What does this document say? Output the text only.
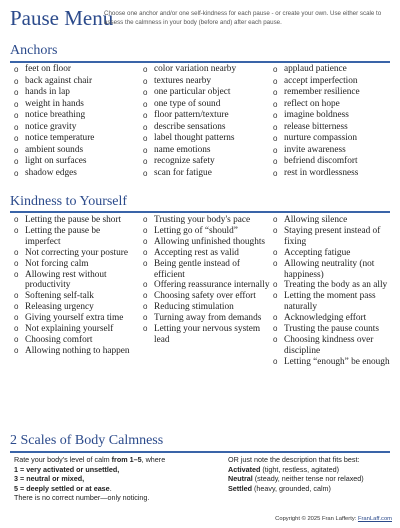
Pause Menu
Choose one anchor and/or one self-kindness for each pause - or create your own. Use either scale to assess the calmness in your body (before and) after each pause.
Anchors
o feet on floor
o back against chair
o hands in lap
o weight in hands
o notice breathing
o notice gravity
o notice temperature
o ambient sounds
o light on surfaces
o shadow edges
o color variation nearby
o textures nearby
o one particular object
o one type of sound
o floor pattern/texture
o describe sensations
o label thought patterns
o name emotions
o recognize safety
o scan for fatigue
o applaud patience
o accept imperfection
o remember resilience
o reflect on hope
o imagine boldness
o release bitterness
o nurture compassion
o invite awareness
o befriend discomfort
o rest in wordlessness
Kindness to Yourself
o Letting the pause be short
o Letting the pause be imperfect
o Not correcting your posture
o Not forcing calm
o Allowing rest without productivity
o Softening self-talk
o Releasing urgency
o Giving yourself extra time
o Not explaining yourself
o Choosing comfort
o Allowing nothing to happen
o Trusting your body's pace
o Letting go of “should”
o Allowing unfinished thoughts
o Accepting rest as valid
o Being gentle instead of efficient
o Offering reassurance internally
o Choosing safety over effort
o Reducing stimulation
o Turning away from demands
o Letting your nervous system lead
o Allowing silence
o Staying present instead of fixing
o Accepting fatigue
o Allowing neutrality (not happiness)
o Treating the body as an ally
o Letting the moment pass naturally
o Acknowledging effort
o Trusting the pause counts
o Choosing kindness over discipline
o Letting “enough” be enough
2 Scales of Body Calmness
Rate your body's level of calm from 1–5, where
1 = very activated or unsettled,
3 = neutral or mixed,
5 = deeply settled or at ease.
There is no correct number—only noticing.
OR just note the description that fits best:
Activated (tight, restless, agitated)
Neutral (steady, neither tense nor relaxed)
Settled (heavy, grounded, calm)
Copyright © 2025 Fran Lafferty: FranLaff.com
